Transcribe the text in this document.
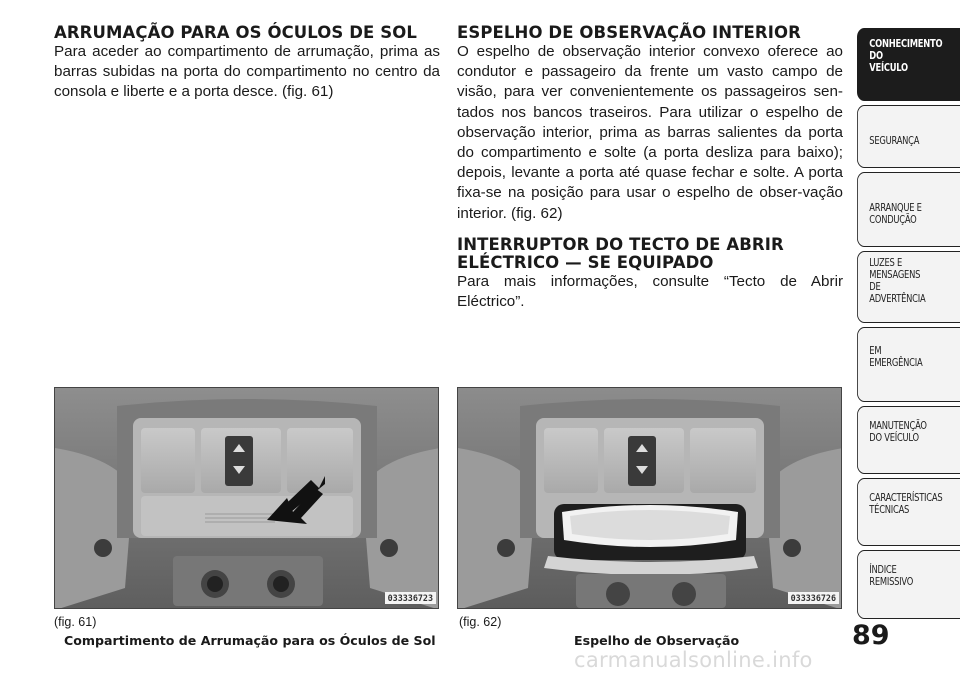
ARRUMAÇÃO PARA OS ÓCULOS DE SOL

Para aceder ao compartimento de arrumação, prima as barras subidas na porta do compartimento no centro da consola e liberte e a porta desce. (fig. 61)

ESPELHO DE OBSERVAÇÃO INTERIOR

O espelho de observação interior convexo oferece ao condutor e passageiro da frente um vasto campo de visão, para ver convenientemente os passageiros sen-tados nos bancos traseiros. Para utilizar o espelho de observação interior, prima as barras salientes da porta do compartimento e solte (a porta desliza para baixo); depois, levante a porta até quase fechar e solte. A porta fixa-se na posição para usar o espelho de obser-vação interior. (fig. 62)

INTERRUPTOR DO TECTO DE ABRIR ELÉCTRICO — SE EQUIPADO

Para mais informações, consulte “Tecto de Abrir Eléctrico”.

CONHECIMENTO
DO
VEÍCULO
SEGURANÇA
ARRANQUE E
CONDUÇÃO
LUZES E
MENSAGENS
DE
ADVERTÊNCIA
EM
EMERGÊNCIA
MANUTENÇÃO
DO VEÍCULO
CARACTERÍSTICAS
TÉCNICAS
ÍNDICE
REMISSIVO
033336723	033336726
(fig. 61)	(fig. 62)
Compartimento de Arrumação para os Óculos de Sol	Espelho de Observação	89
carmanualsonline.info
